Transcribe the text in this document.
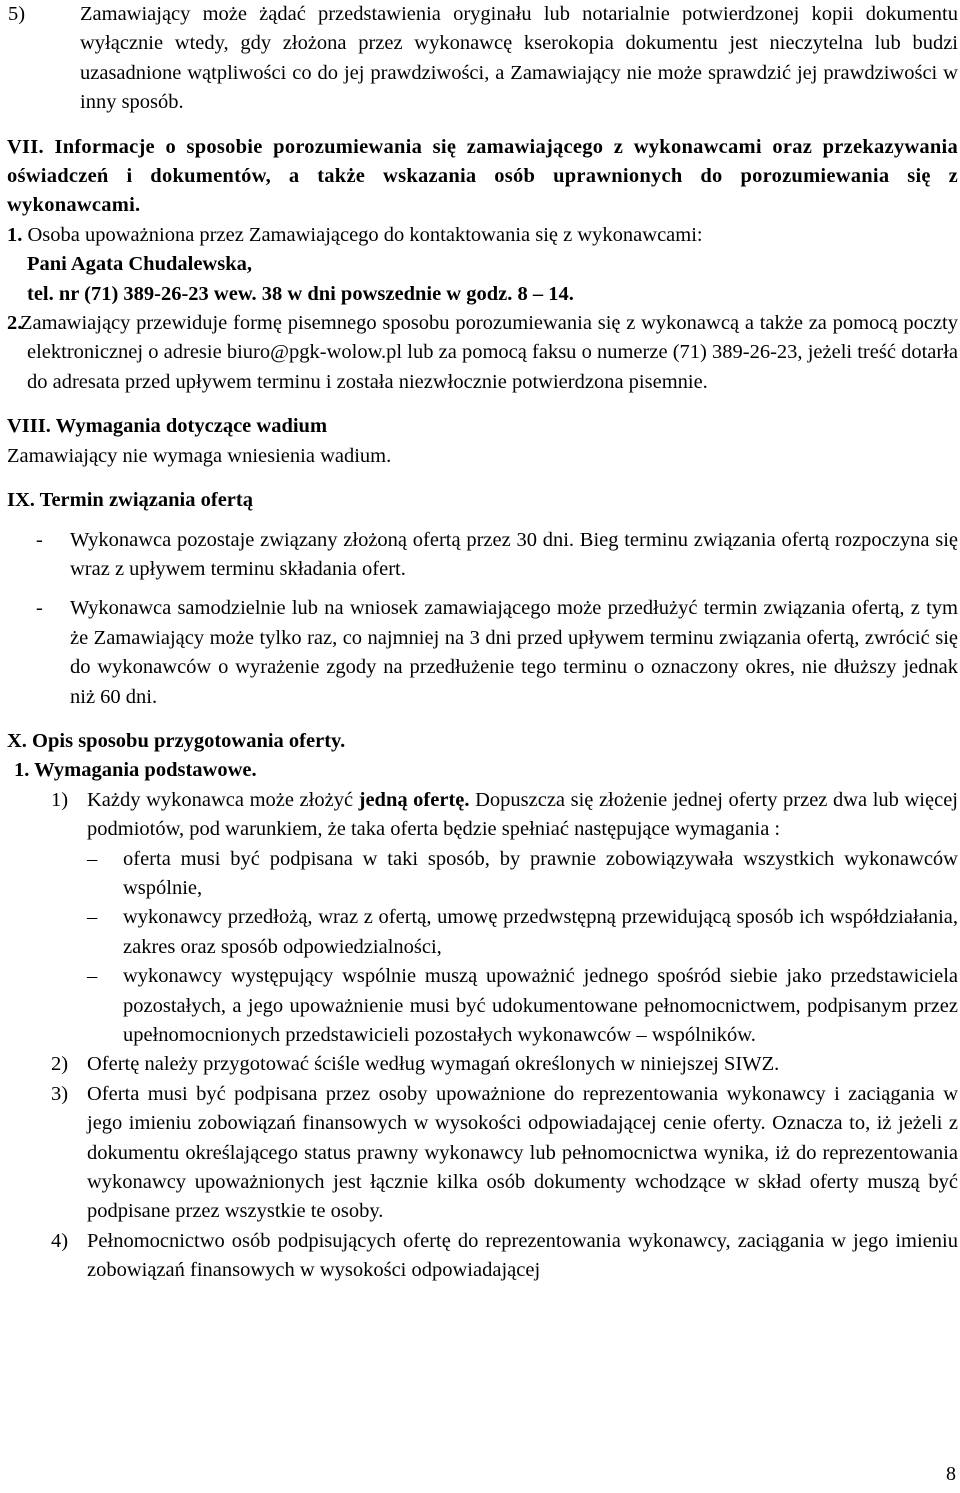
5)	Zamawiający może żądać przedstawienia oryginału lub notarialnie potwierdzonej kopii dokumentu wyłącznie wtedy, gdy złożona przez wykonawcę kserokopia dokumentu jest nieczytelna lub budzi uzasadnione wątpliwości co do jej prawdziwości, a Zamawiający nie może sprawdzić jej prawdziwości w inny sposób.

VII. Informacje o sposobie porozumiewania się zamawiającego z wykonawcami oraz przekazywania oświadczeń i dokumentów, a także wskazania osób uprawnionych do porozumiewania się z wykonawcami.

1. Osoba upoważniona przez Zamawiającego do kontaktowania się z wykonawcami:

Pani Agata Chudalewska,

tel. nr (71) 389-26-23 wew. 38 w dni powszednie w godz. 8 – 14.

2.

Zamawiający przewiduje formę pisemnego sposobu porozumiewania się z wykonawcą a także za pomocą poczty elektronicznej o adresie biuro@pgk-wolow.pl lub za pomocą faksu o numerze (71) 389-26-23, jeżeli treść dotarła do adresata przed upływem terminu i została niezwłocznie potwierdzona pisemnie.

VIII. Wymagania dotyczące wadium

Zamawiający nie wymaga wniesienia wadium.

IX. Termin związania ofertą

- Wykonawca pozostaje związany złożoną ofertą przez 30 dni. Bieg terminu związania ofertą rozpoczyna się wraz z upływem terminu składania ofert.

- Wykonawca samodzielnie lub na wniosek zamawiającego może przedłużyć termin związania ofertą, z tym że Zamawiający może tylko raz, co najmniej na 3 dni przed upływem terminu związania ofertą, zwrócić się do wykonawców o wyrażenie zgody na przedłużenie tego terminu o oznaczony okres, nie dłuższy jednak niż 60 dni.

X. Opis sposobu przygotowania oferty.

1. Wymagania podstawowe.

1) Każdy wykonawca może złożyć jedną ofertę. Dopuszcza się złożenie jednej oferty przez dwa lub więcej podmiotów, pod warunkiem, że taka oferta będzie spełniać następujące wymagania :

– oferta musi być podpisana w taki sposób, by prawnie zobowiązywała wszystkich wykonawców wspólnie,

– wykonawcy przedłożą, wraz z ofertą, umowę przedwstępną przewidującą sposób ich współdziałania, zakres oraz sposób odpowiedzialności,

– wykonawcy występujący wspólnie muszą upoważnić jednego spośród siebie jako przedstawiciela pozostałych, a jego upoważnienie musi być udokumentowane pełnomocnictwem, podpisanym przez upełnomocnionych przedstawicieli pozostałych wykonawców – wspólników.

2) Ofertę należy przygotować ściśle według wymagań określonych w niniejszej SIWZ.

3) Oferta musi być podpisana przez osoby upoważnione do reprezentowania wykonawcy i zaciągania w jego imieniu zobowiązań finansowych w wysokości odpowiadającej cenie oferty. Oznacza to, iż jeżeli z dokumentu określającego status prawny wykonawcy lub pełnomocnictwa wynika, iż do reprezentowania wykonawcy upoważnionych jest łącznie kilka osób dokumenty wchodzące w skład oferty muszą być podpisane przez wszystkie te osoby.

4) Pełnomocnictwo osób podpisujących ofertę do reprezentowania wykonawcy, zaciągania w jego imieniu zobowiązań finansowych w wysokości odpowiadającej

8
